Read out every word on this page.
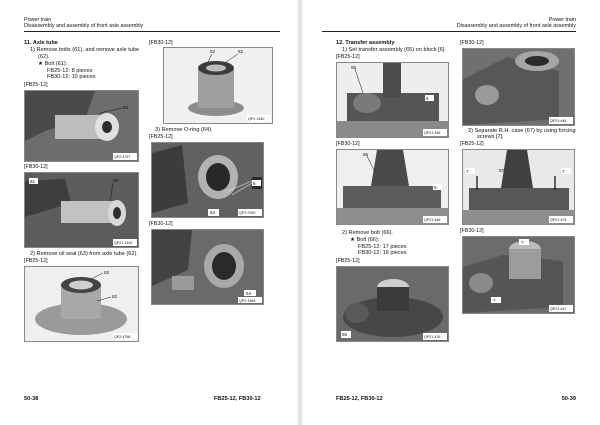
Power train
Disassembly and assembly of front axle assembly
11. Axle tube
1) Remove bolts (61), and remove axle tube
(62).
★ Bolt (61):
FB25-12: 8 pieces
FB30-12: 10 pieces
[FB25-12]
62
QP2·4757
[FB30-12]
61	62
QP21·1440
2) Remove oil seal (63) from axle tube (62).
[FB25-12]
63
62
QP2·4758
[FB30-12]
62	62
QP2·1440
3) Remove O-ring (64).
[FB25-12]
6
64	QP2·2299
[FB30-12]
64
QP2·1469
50-38	FB25-12, FB30-12
Power train
Disassembly and assembly of front axle assembly
12. Transfer assembly
1) Set transfer assembly (65) on block [6].
[FB25-12]
65
6
QP21·446
[FB30-12]
65
6
QP21·446
2) Remove bolt (66).
★ Bolt (66):
FB25-12: 17 pieces
FB30-12: 19 pieces
[FB25-12]
66	QP21·476
[FB30-12]
QP21·446
3) Separate R.H. case (67) by using forcing
screws [7].
[FB25-12]
7	67	7
QP21·474
[FB30-12]
7
7
QP21·447
FB25-12, FB30-12	50-39
